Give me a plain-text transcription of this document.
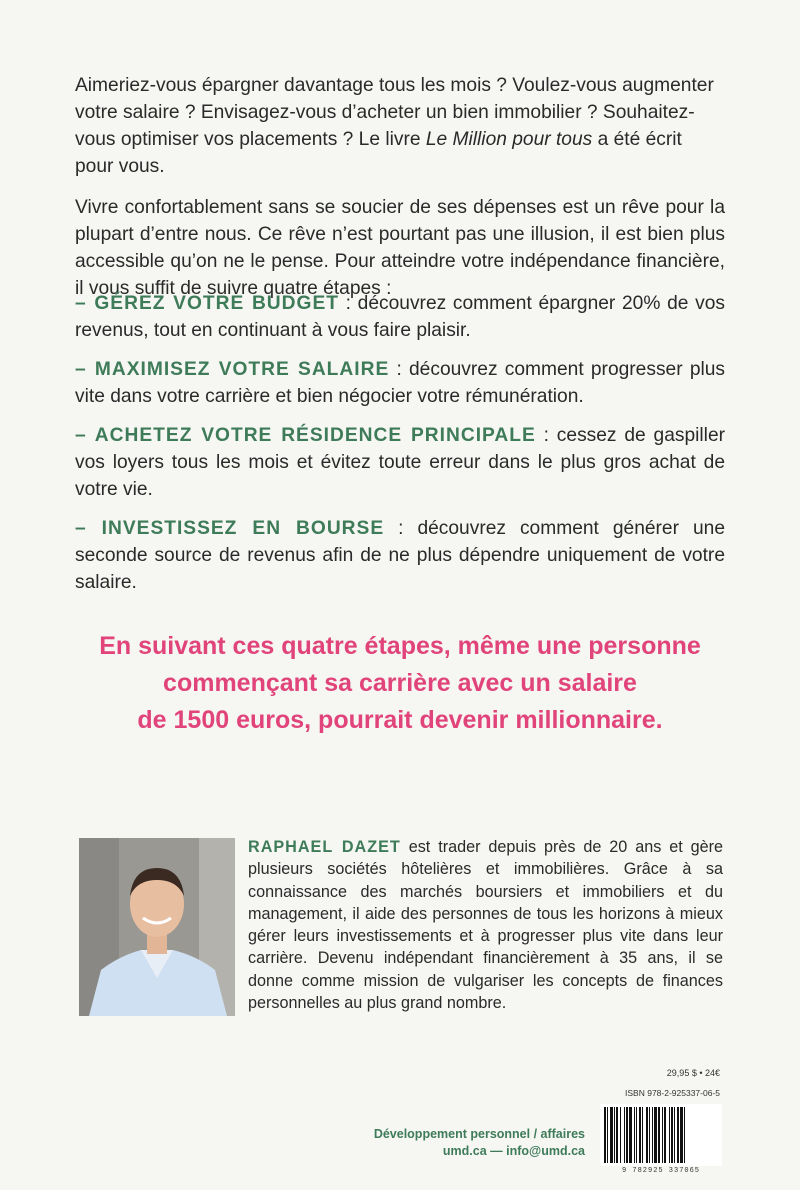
Aimeriez-vous épargner davantage tous les mois ? Voulez-vous augmenter votre salaire ? Envisagez-vous d’acheter un bien immobilier ? Souhaitez-vous optimiser vos placements ? Le livre Le Million pour tous a été écrit pour vous.

Vivre confortablement sans se soucier de ses dépenses est un rêve pour la plupart d’entre nous. Ce rêve n’est pourtant pas une illusion, il est bien plus accessible qu’on ne le pense. Pour atteindre votre indépendance financière, il vous suffit de suivre quatre étapes :

– GÉREZ VOTRE BUDGET : découvrez comment épargner 20% de vos revenus, tout en continuant à vous faire plaisir.
– MAXIMISEZ VOTRE SALAIRE : découvrez comment progresser plus vite dans votre carrière et bien négocier votre rémunération.
– ACHETEZ VOTRE RÉSIDENCE PRINCIPALE : cessez de gaspiller vos loyers tous les mois et évitez toute erreur dans le plus gros achat de votre vie.
– INVESTISSEZ EN BOURSE : découvrez comment générer une seconde source de revenus afin de ne plus dépendre uniquement de votre salaire.
En suivant ces quatre étapes, même une personne
commençant sa carrière avec un salaire
de 1500 euros, pourrait devenir millionnaire.

RAPHAEL DAZET est trader depuis près de 20 ans et gère plusieurs sociétés hôtelières et immobilières. Grâce à sa connaissance des marchés boursiers et immobiliers et du management, il aide des personnes de tous les horizons à mieux gérer leurs investissements et à progresser plus vite dans leur carrière. Devenu indépendant financièrement à 35 ans, il se donne comme mission de vulgariser les concepts de finances personnelles au plus grand nombre.

29,95 $ • 24€
ISBN 978-2-925337-06-5
9 782925 337065
Développement personnel / affaires
umd.ca — info@umd.ca
